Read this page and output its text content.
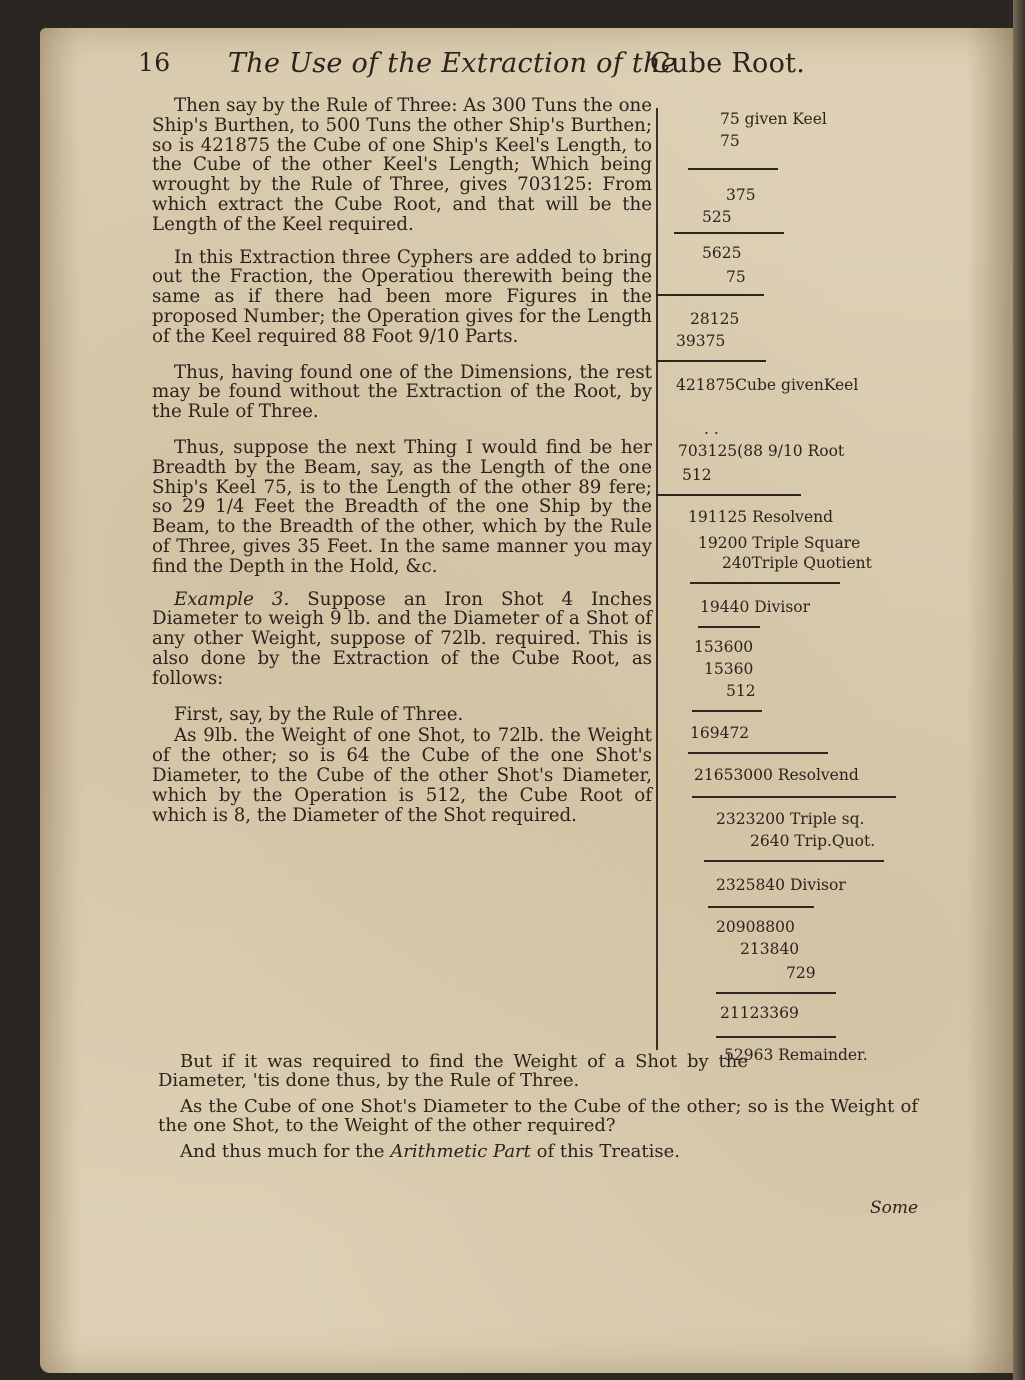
16 The Use of the Extraction of the
Cube Root.

Then say by the Rule of Three: As 300 Tuns the one Ship's Burthen, to 500 Tuns the other Ship's Burthen; so is 421875 the Cube of one Ship's Keel's Length, to the Cube of the other Keel's Length; Which being wrought by the Rule of Three, gives 703125: From which extract the Cube Root, and that will be the Length of the Keel required.

In this Extraction three Cyphers are added to bring out the Fraction, the Operatiou therewith being the same as if there had been more Figures in the proposed Number; the Operation gives for the Length of the Keel required 88 Foot 9/10 Parts.

Thus, having found one of the Dimensions, the rest may be found without the Extraction of the Root, by the Rule of Three.

Thus, suppose the next Thing I would find be her Breadth by the Beam, say, as the Length of the one Ship's Keel 75, is to the Length of the other 89 fere; so 29 1/4 Feet the Breadth of the one Ship by the Beam, to the Breadth of the other, which by the Rule of Three, gives 35 Feet. In the same manner you may find the Depth in the Hold, &c.

Example 3. Suppose an Iron Shot 4 Inches Diameter to weigh 9 lb. and the Diameter of a Shot of any other Weight, suppose of 72lb. required. This is also done by the Extraction of the Cube Root, as follows:

First, say, by the Rule of Three.

As 9lb. the Weight of one Shot, to 72lb. the Weight of the other; so is 64 the Cube of the one Shot's Diameter, to the Cube of the other Shot's Diameter, which by the Operation is 512, the Cube Root of which is 8, the Diameter of the Shot required.

75 given Keel
75
375
525
5625
75
28125
39375
421875Cube givenKeel
. .
703125(88 9/10 Root
512
191125 Resolvend
19200 Triple Square
240Triple Quotient
19440 Divisor
153600
15360
512
169472
21653000 Resolvend
2323200 Triple sq.
2640 Trip.Quot.
2325840 Divisor
20908800
213840
729
21123369
52963 Remainder.

But if it was required to find the Weight of a Shot by the Diameter, 'tis done thus, by the Rule of Three.

As the Cube of one Shot's Diameter to the Cube of the other; so is the Weight of the one Shot, to the Weight of the other required?

And thus much for the Arithmetic Part of this Treatise.

Some
